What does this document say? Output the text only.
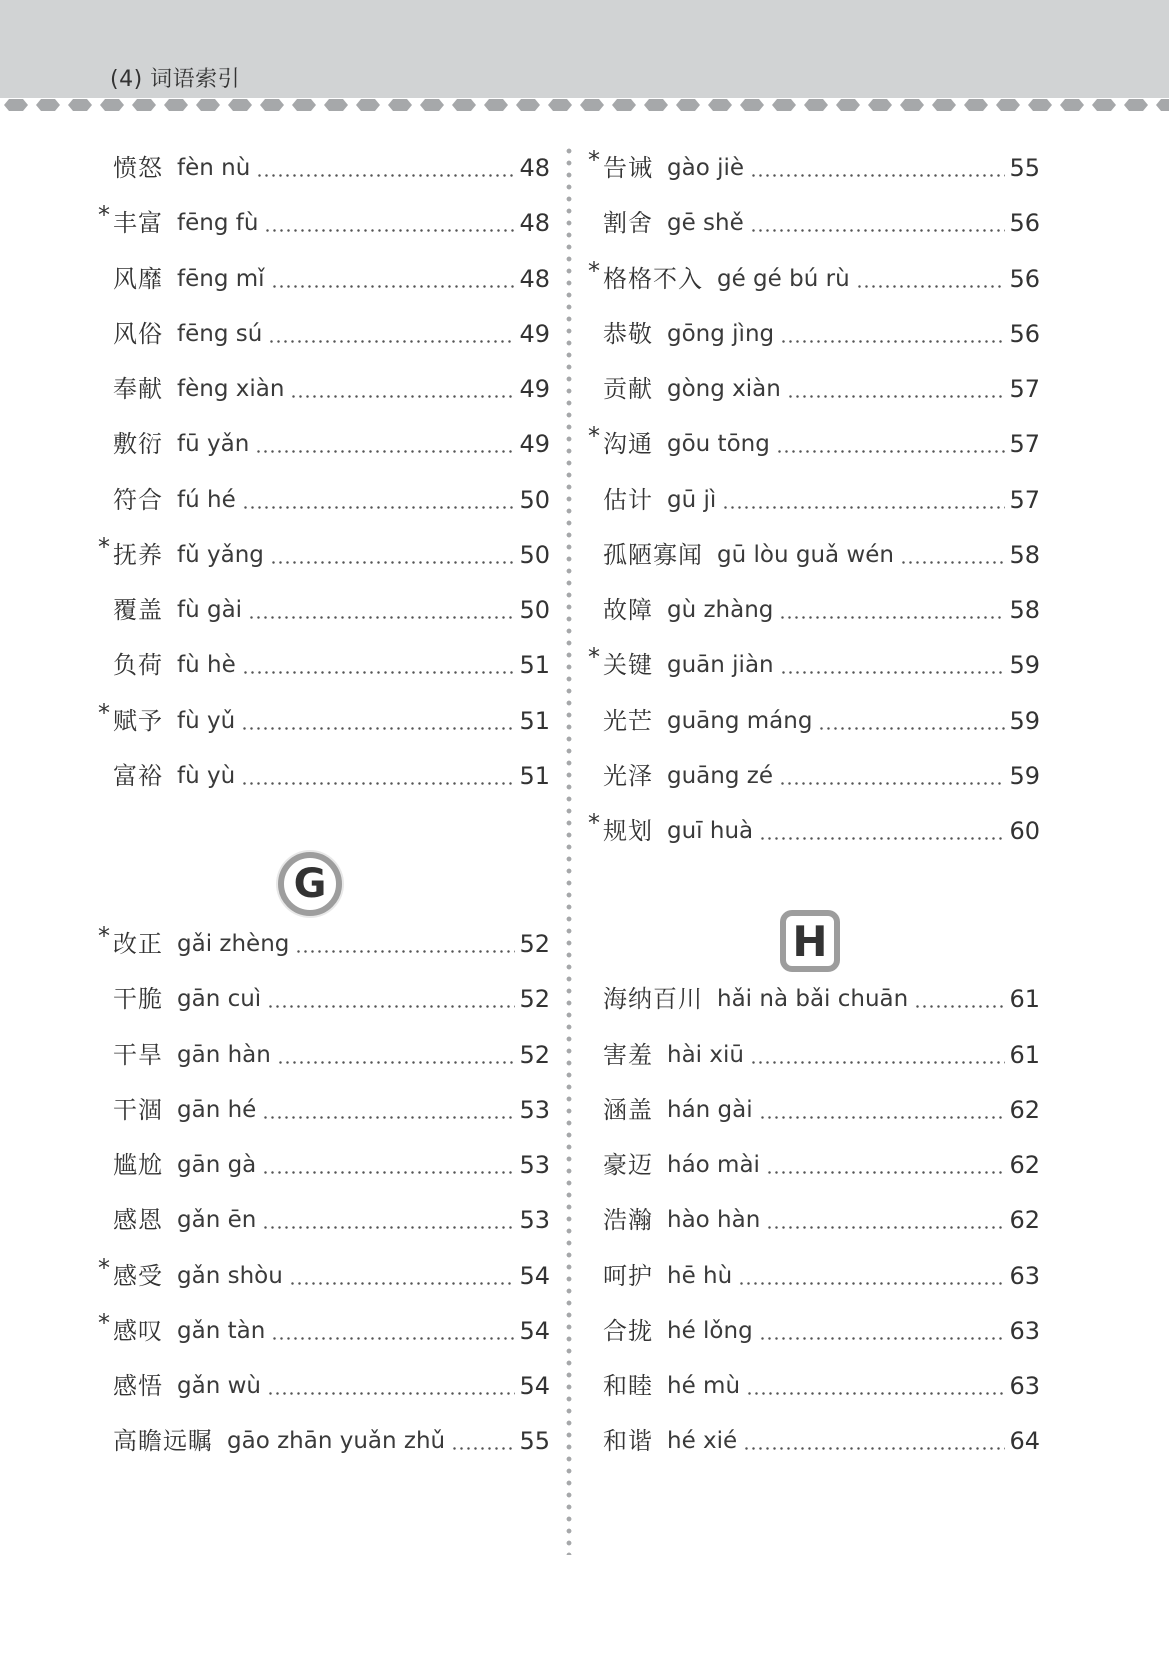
(4) 词语索引
愤怒 fèn nù	48
* 丰富 fēng fù	48
风靡 fēng mǐ	48
风俗 fēng sú	49
奉献 fèng xiàn	49
敷衍 fū yǎn	49
符合 fú hé	50
* 抚养 fǔ yǎng	50
覆盖 fù gài	50
负荷 fù hè	51
* 赋予 fù yǔ	51
富裕 fù yù	51
G
* 改正 gǎi zhèng	52
干脆 gān cuì	52
干旱 gān hàn	52
干涸 gān hé	53
尴尬 gān gà	53
感恩 gǎn ēn	53
* 感受 gǎn shòu	54
* 感叹 gǎn tàn	54
感悟 gǎn wù	54
高瞻远瞩 gāo zhān yuǎn zhǔ	55
* 告诫 gào jiè	55
割舍 gē shě	56
* 格格不入 gé gé bú rù	56
恭敬 gōng jìng	56
贡献 gòng xiàn	57
* 沟通 gōu tōng	57
估计 gū jì	57
孤陋寡闻 gū lòu guǎ wén	58
故障 gù zhàng	58
* 关键 guān jiàn	59
光芒 guāng máng	59
光泽 guāng zé	59
* 规划 guī huà	60
H
海纳百川 hǎi nà bǎi chuān	61
害羞 hài xiū	61
涵盖 hán gài	62
豪迈 háo mài	62
浩瀚 hào hàn	62
呵护 hē hù	63
合拢 hé lǒng	63
和睦 hé mù	63
和谐 hé xié	64
